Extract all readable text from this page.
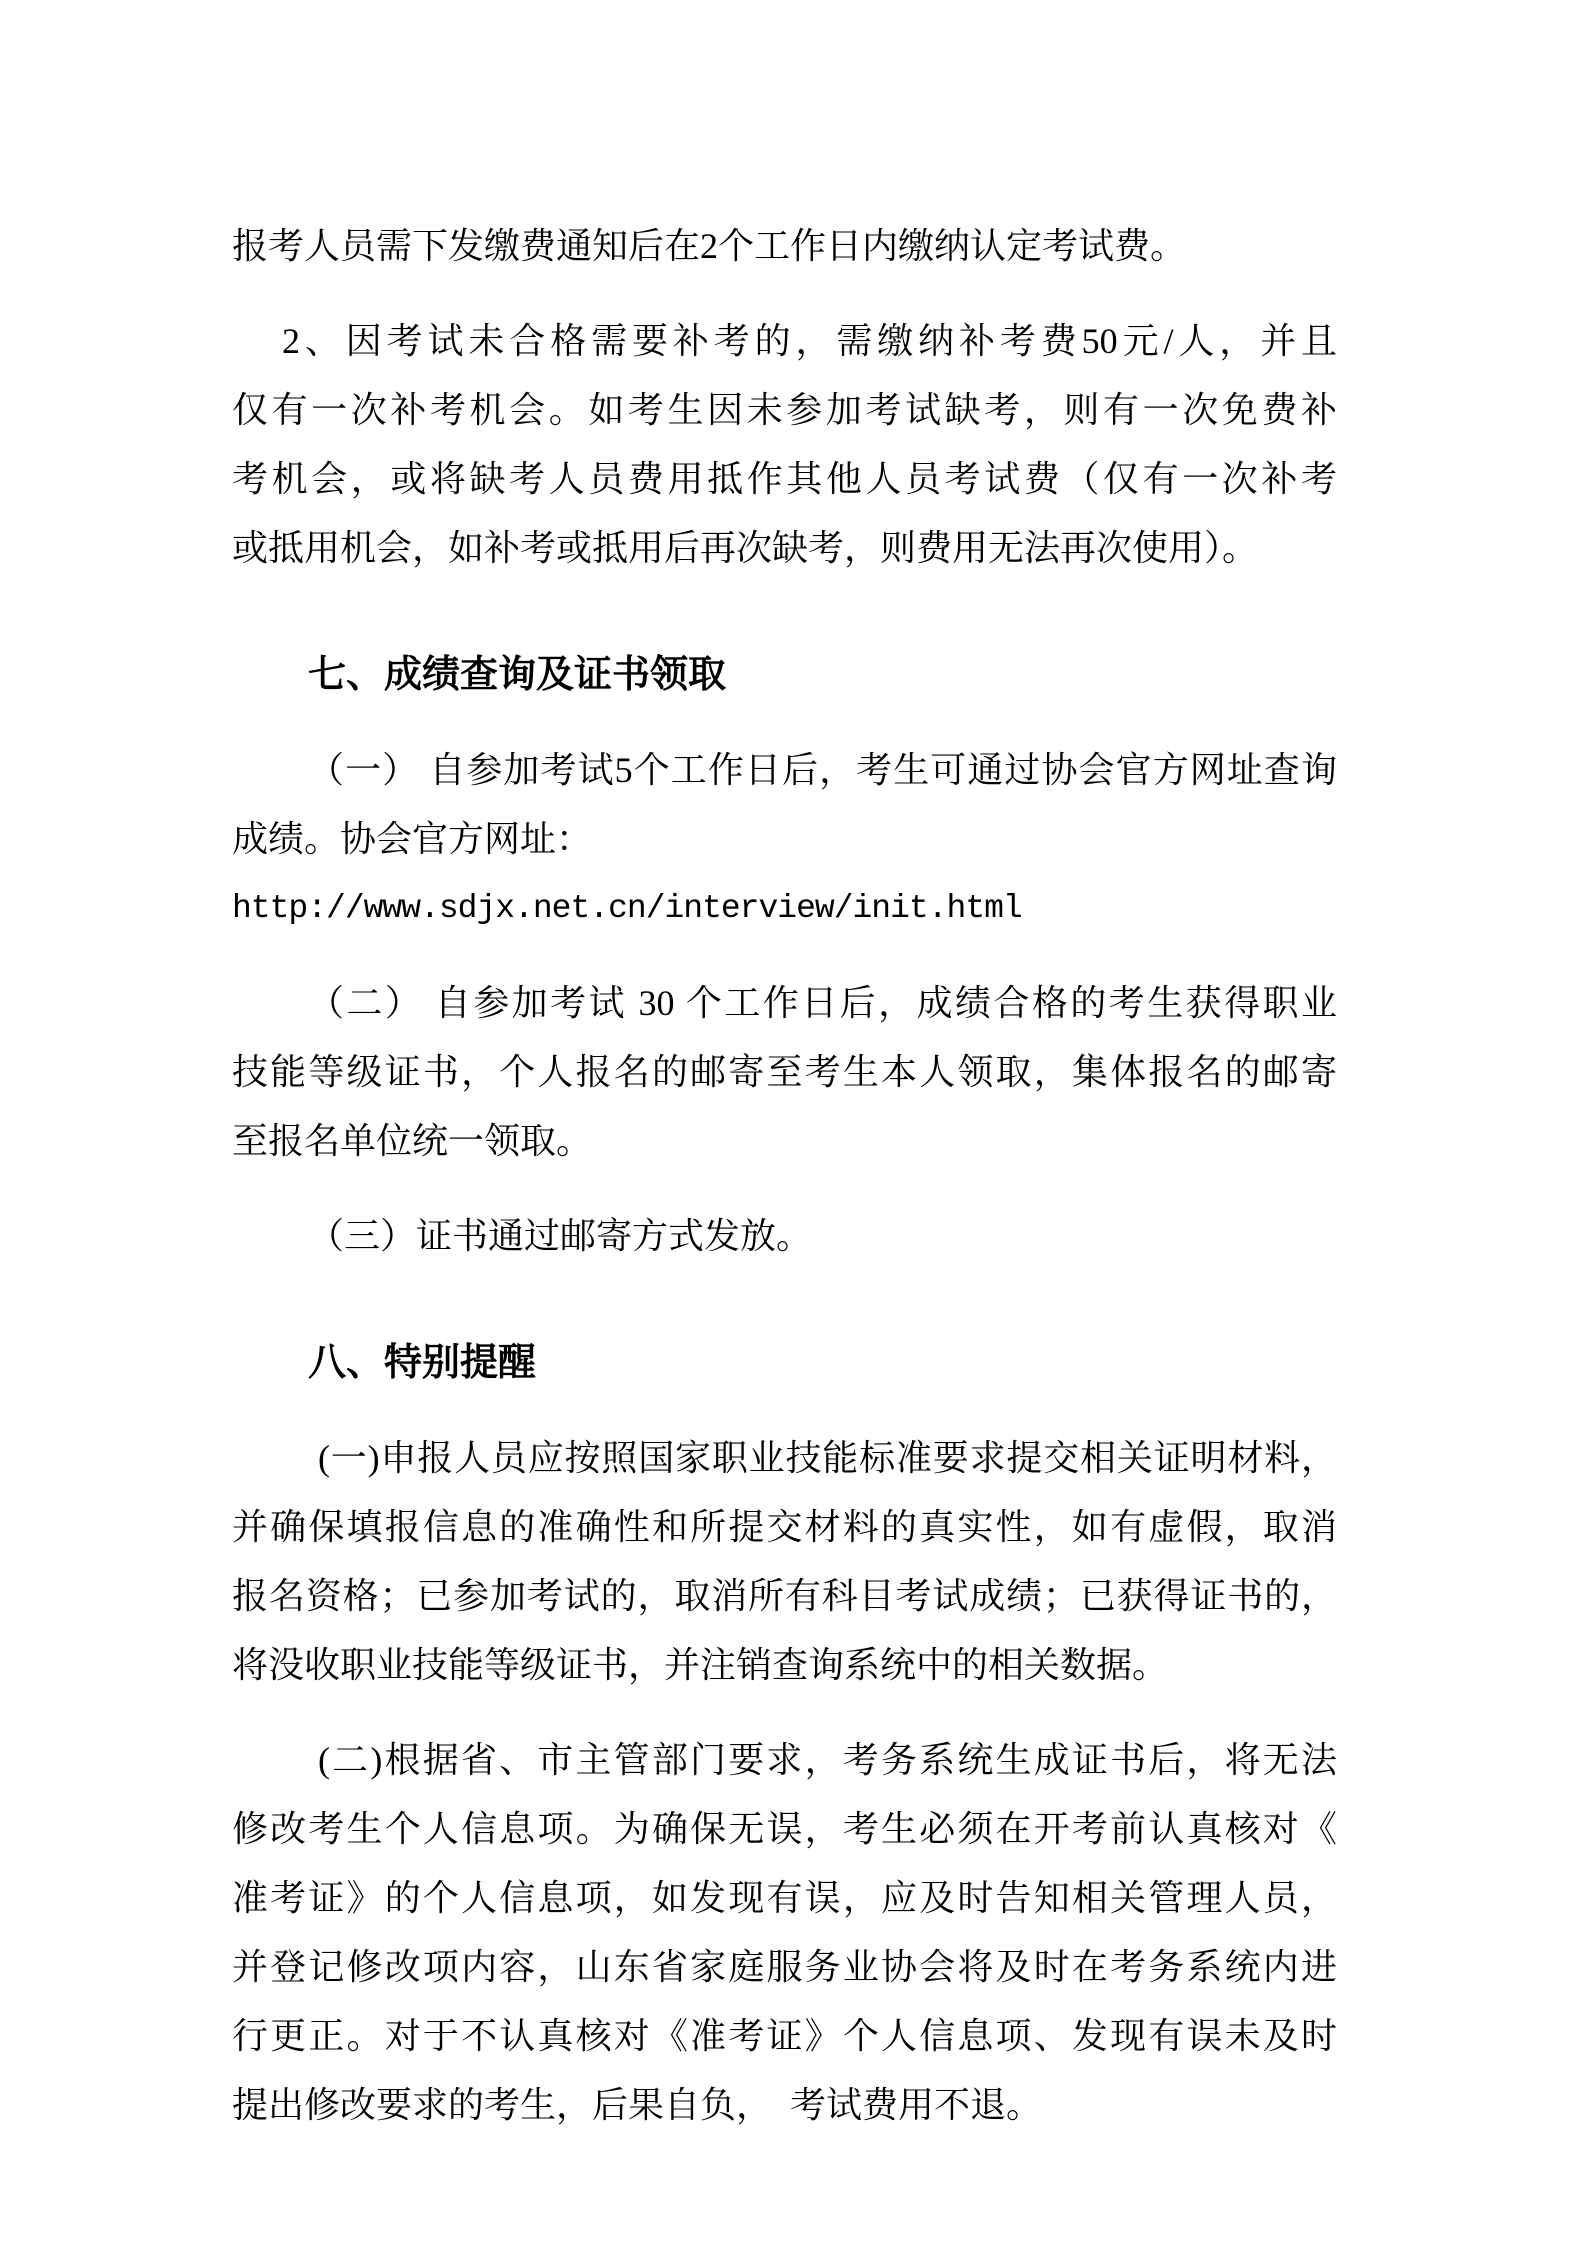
报考人员需下发缴费通知后在2个工作日内缴纳认定考试费。
2、因考试未合格需要补考的，需缴纳补考费50元/人，并且
仅有一次补考机会。如考生因未参加考试缺考，则有一次免费补
考机会，或将缺考人员费用抵作其他人员考试费（仅有一次补考
或抵用机会，如补考或抵用后再次缺考，则费用无法再次使用）。
七、成绩查询及证书领取
（一） 自参加考试5个工作日后，考生可通过协会官方网址查询
成绩。协会官方网址：
http://www.sdjx.net.cn/interview/init.html
（二） 自参加考试 30 个工作日后，成绩合格的考生获得职业
技能等级证书，个人报名的邮寄至考生本人领取，集体报名的邮寄
至报名单位统一领取。
（三）证书通过邮寄方式发放。
八、特别提醒
(一)申报人员应按照国家职业技能标准要求提交相关证明材料，
并确保填报信息的准确性和所提交材料的真实性，如有虚假，取消
报名资格；已参加考试的，取消所有科目考试成绩；已获得证书的，
将没收职业技能等级证书，并注销查询系统中的相关数据。
(二)根据省、市主管部门要求，考务系统生成证书后，将无法
修改考生个人信息项。为确保无误，考生必须在开考前认真核对《
准考证》的个人信息项，如发现有误，应及时告知相关管理人员，
并登记修改项内容，山东省家庭服务业协会将及时在考务系统内进
行更正。对于不认真核对《准考证》个人信息项、发现有误未及时
提出修改要求的考生，后果自负，  考试费用不退。
